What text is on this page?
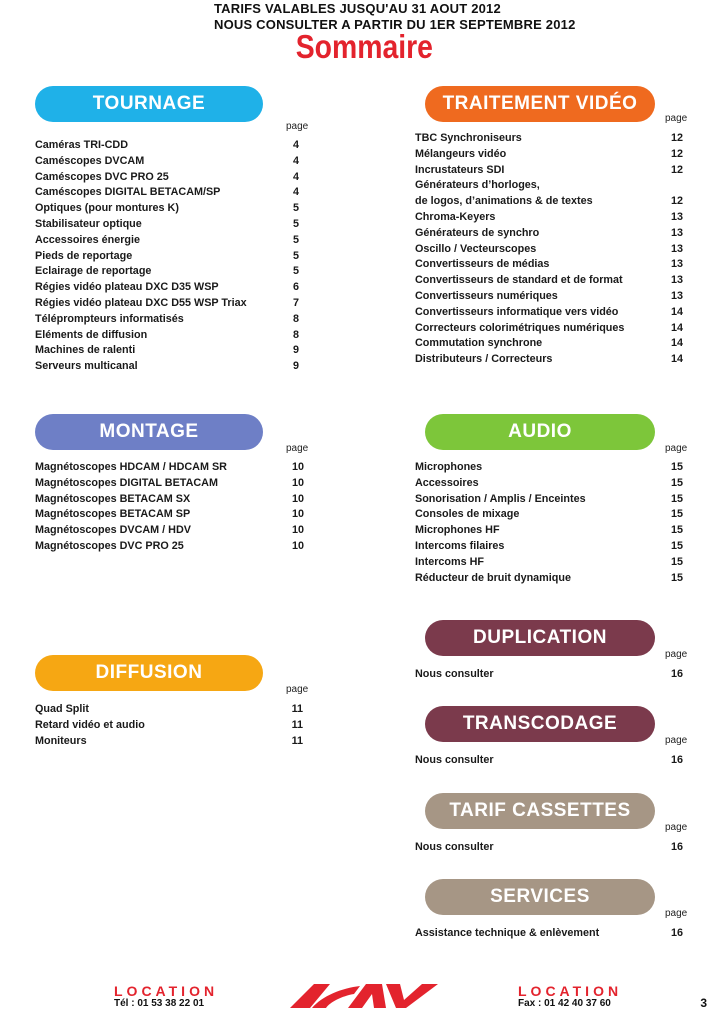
TARIFS VALABLES JUSQU'AU 31 AOUT 2012
NOUS CONSULTER A PARTIR DU 1ER SEPTEMBRE 2012
Sommaire
TOURNAGE
page
Caméras TRI-CDD	4
Caméscopes DVCAM	4
Caméscopes DVC PRO 25	4
Caméscopes DIGITAL BETACAM/SP	4
Optiques (pour montures K)	5
Stabilisateur optique	5
Accessoires énergie	5
Pieds de reportage	5
Eclairage de reportage	5
Régies vidéo plateau DXC D35 WSP	6
Régies vidéo plateau DXC D55 WSP Triax	7
Téléprompteurs informatisés	8
Eléments de diffusion	8
Machines de ralenti	9
Serveurs multicanal	9
TRAITEMENT VIDÉO
page
TBC Synchroniseurs	12
Mélangeurs vidéo	12
Incrustateurs SDI	12
Générateurs d’horloges,
de logos, d’animations & de textes	12
Chroma-Keyers	13
Générateurs de synchro	13
Oscillo / Vecteurscopes	13
Convertisseurs de médias	13
Convertisseurs de standard et de format	13
Convertisseurs numériques	13
Convertisseurs informatique vers vidéo	14
Correcteurs colorimétriques numériques	14
Commutation synchrone	14
Distributeurs / Correcteurs	14
MONTAGE
page
Magnétoscopes HDCAM / HDCAM SR	10
Magnétoscopes DIGITAL BETACAM	10
Magnétoscopes BETACAM SX	10
Magnétoscopes BETACAM SP	10
Magnétoscopes DVCAM / HDV	10
Magnétoscopes DVC PRO 25	10
AUDIO
page
Microphones	15
Accessoires	15
Sonorisation / Amplis / Enceintes	15
Consoles de mixage	15
Microphones HF	15
Intercoms filaires	15
Intercoms HF	15
Réducteur de bruit dynamique	15
DIFFUSION
page
Quad Split	11
Retard vidéo et audio	11
Moniteurs	11
DUPLICATION
page
Nous consulter	16
TRANSCODAGE
page
Nous consulter	16
TARIF CASSETTES
page
Nous consulter	16
SERVICES
page
Assistance technique & enlèvement	16
LOCATION
Tél : 01 53 38 22 01	SAV	LOCATION
Fax : 01 42 40 37 60	3
